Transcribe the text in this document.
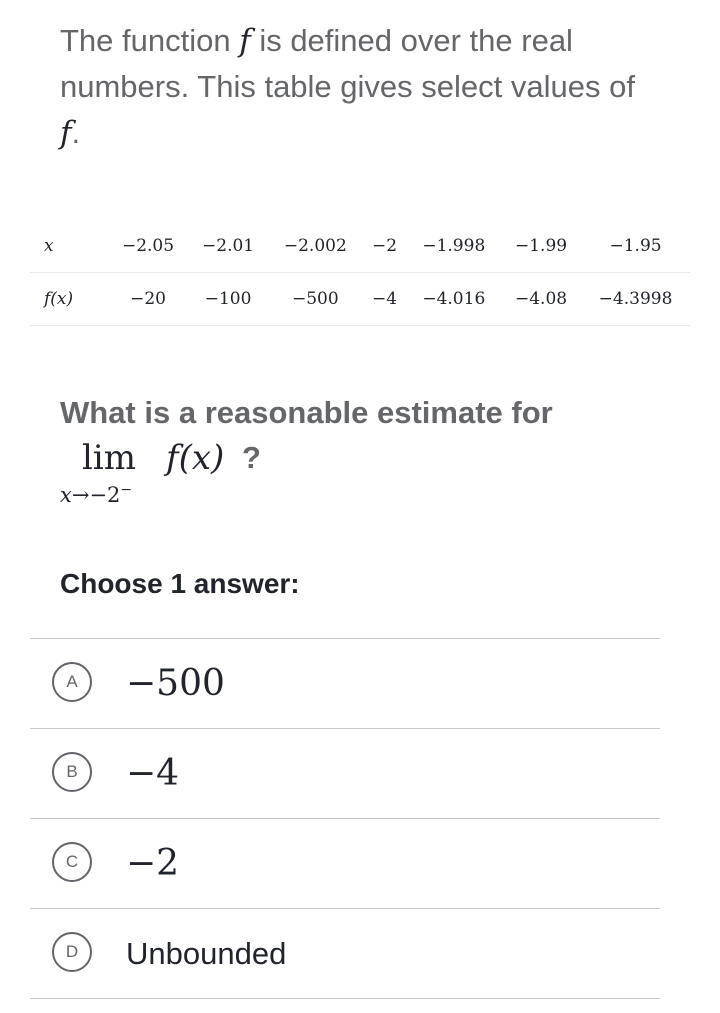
The function f is defined over the real numbers. This table gives select values of f.

x	−2.05	−2.01	−2.002	−2	−1.998	−1.99	−1.95
f(x)	−20	−100	−500	−4	−4.016	−4.08	−4.3998

What is a reasonable estimate for

lim
x→−2−
f(x) ?

Choose 1 answer:

A	−500
B	−4
C	−2
D	Unbounded
